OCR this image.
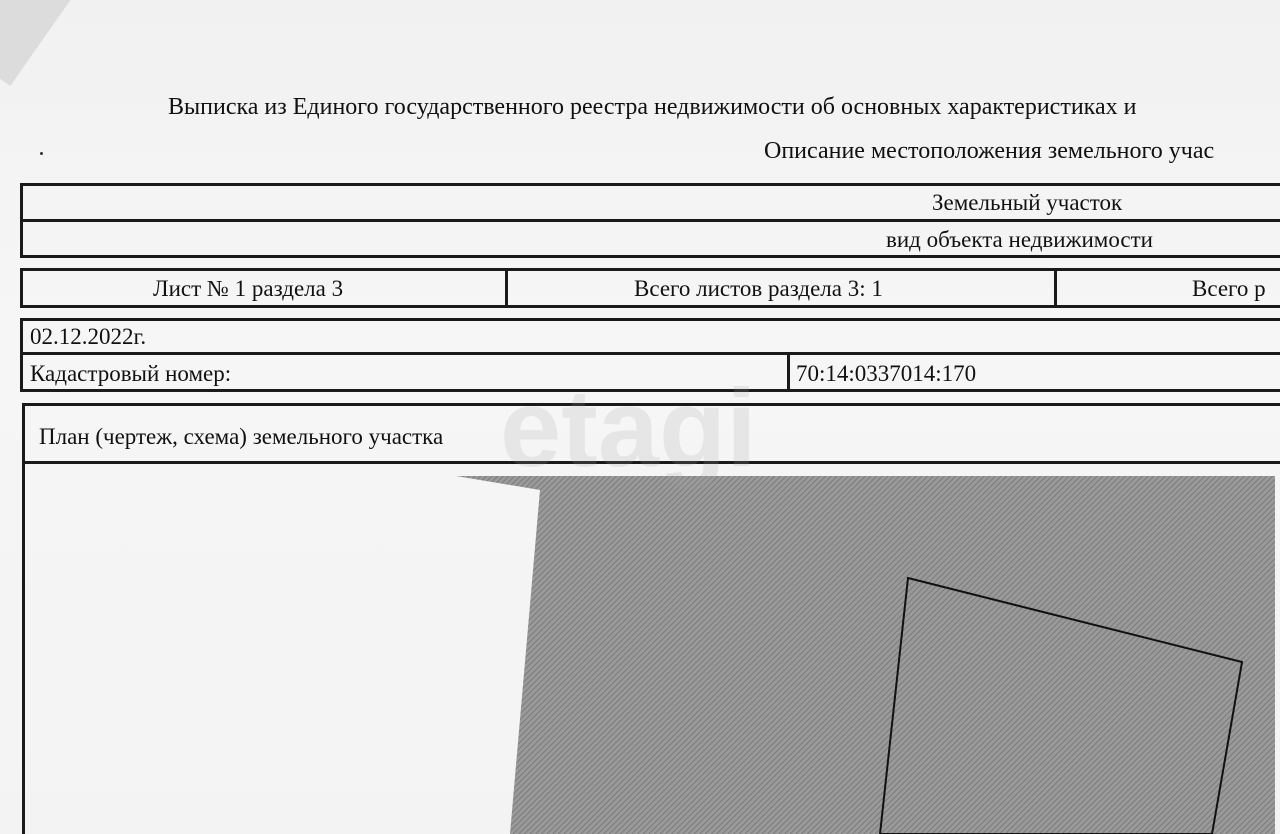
Выписка из Единого государственного реестра недвижимости об основных характеристиках и
Описание местоположения земельного учас
Земельный участок
вид объекта недвижимости
Лист № 1 раздела 3	Всего листов раздела 3: 1	Всего р
02.12.2022г.
Кадастровый номер:	70:14:0337014:170
План (чертеж, схема) земельного участка etagi
